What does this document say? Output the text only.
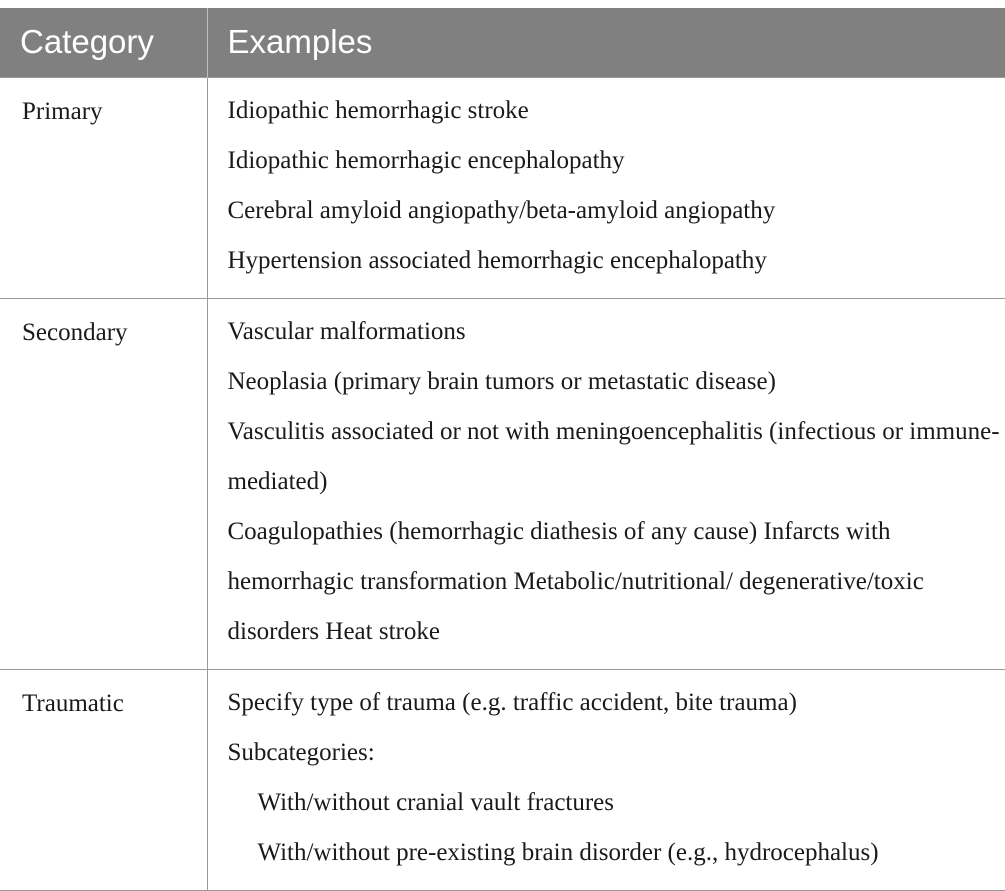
Category	Examples
Primary	Idiopathic hemorrhagic stroke
Idiopathic hemorrhagic encephalopathy
Cerebral amyloid angiopathy/beta-amyloid angiopathy
Hypertension associated hemorrhagic encephalopathy

Secondary	Vascular malformations
Neoplasia (primary brain tumors or metastatic disease)
Vasculitis associated or not with meningoencephalitis (infectious or immune-mediated)
Coagulopathies (hemorrhagic diathesis of any cause) Infarcts with hemorrhagic transformation Metabolic/nutritional/ degenerative/toxic disorders Heat stroke

Traumatic	Specify type of trauma (e.g. traffic accident, bite trauma)
Subcategories:
With/without cranial vault fractures
With/without pre-existing brain disorder (e.g., hydrocephalus)
